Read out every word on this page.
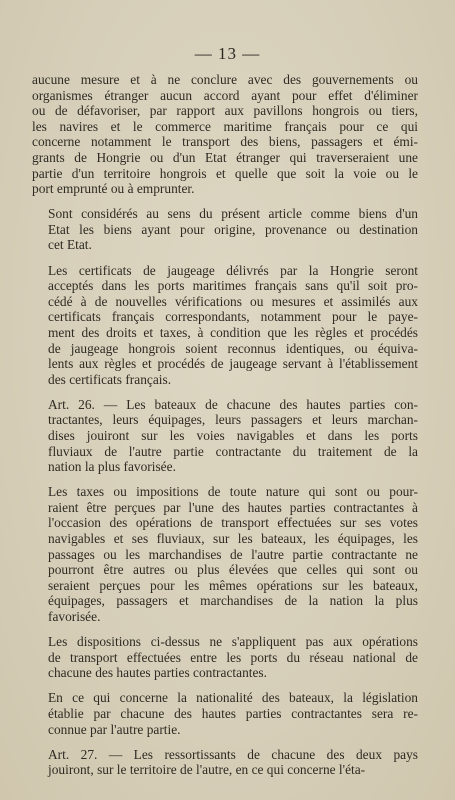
— 13 —

aucune mesure et à ne conclure avec des gouvernements ou
organismes étranger aucun accord ayant pour effet d'éliminer
ou de défavoriser, par rapport aux pavillons hongrois ou tiers,
les navires et le commerce maritime français pour ce qui
concerne notamment le transport des biens, passagers et émi-
grants de Hongrie ou d'un Etat étranger qui traverseraient une
partie d'un territoire hongrois et quelle que soit la voie ou le
port emprunté ou à emprunter.

Sont considérés au sens du présent article comme biens d'un
Etat les biens ayant pour origine, provenance ou destination
cet Etat.

Les certificats de jaugeage délivrés par la Hongrie seront
acceptés dans les ports maritimes français sans qu'il soit pro-
cédé à de nouvelles vérifications ou mesures et assimilés aux
certificats français correspondants, notamment pour le paye-
ment des droits et taxes, à condition que les règles et procédés
de jaugeage hongrois soient reconnus identiques, ou équiva-
lents aux règles et procédés de jaugeage servant à l'établissement
des certificats français.

Art. 26. — Les bateaux de chacune des hautes parties con-
tractantes, leurs équipages, leurs passagers et leurs marchan-
dises jouiront sur les voies navigables et dans les ports
fluviaux de l'autre partie contractante du traitement de la
nation la plus favorisée.

Les taxes ou impositions de toute nature qui sont ou pour-
raient être perçues par l'une des hautes parties contractantes à
l'occasion des opérations de transport effectuées sur ses votes
navigables et ses fluviaux, sur les bateaux, les équipages, les
passages ou les marchandises de l'autre partie contractante ne
pourront être autres ou plus élevées que celles qui sont ou
seraient perçues pour les mêmes opérations sur les bateaux,
équipages, passagers et marchandises de la nation la plus
favorisée.

Les dispositions ci-dessus ne s'appliquent pas aux opérations
de transport effectuées entre les ports du réseau national de
chacune des hautes parties contractantes.

En ce qui concerne la nationalité des bateaux, la législation
établie par chacune des hautes parties contractantes sera re-
connue par l'autre partie.

Art. 27. — Les ressortissants de chacune des deux pays
jouiront, sur le territoire de l'autre, en ce qui concerne l'éta-
